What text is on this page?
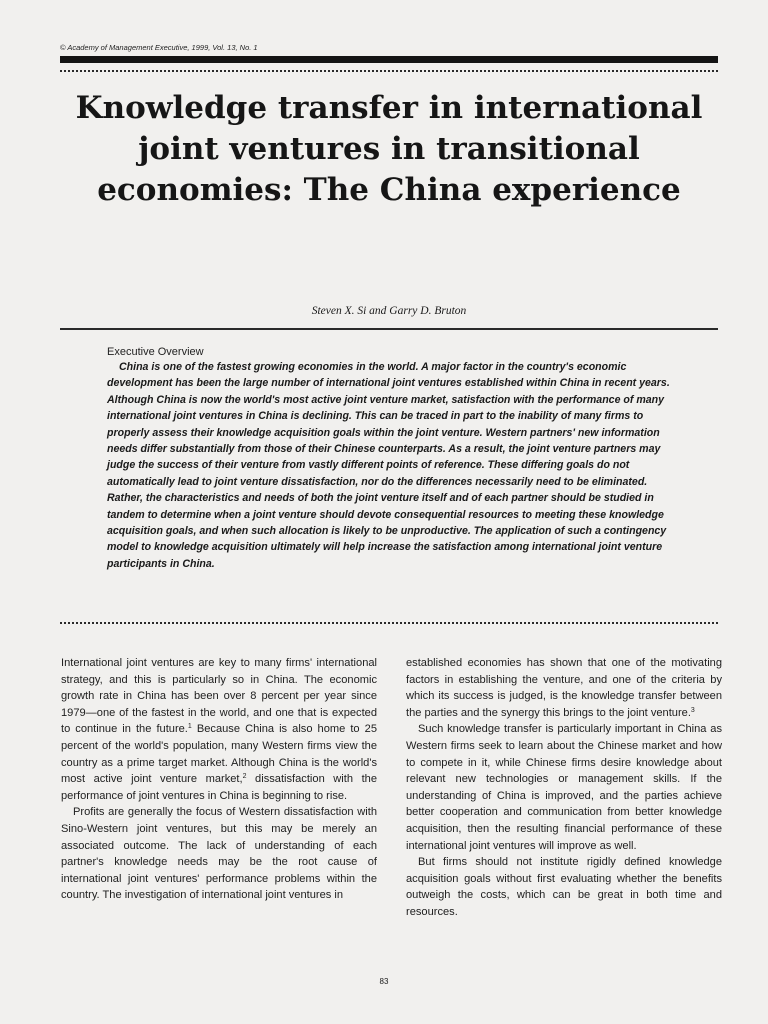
© Academy of Management Executive, 1999, Vol. 13, No. 1
Knowledge transfer in international joint ventures in transitional economies: The China experience
Steven X. Si and Garry D. Bruton
Executive Overview

China is one of the fastest growing economies in the world. A major factor in the country's economic development has been the large number of international joint ventures established within China in recent years. Although China is now the world's most active joint venture market, satisfaction with the performance of many international joint ventures in China is declining. This can be traced in part to the inability of many firms to properly assess their knowledge acquisition goals within the joint venture. Western partners' new information needs differ substantially from those of their Chinese counterparts. As a result, the joint venture partners may judge the success of their venture from vastly different points of reference. These differing goals do not automatically lead to joint venture dissatisfaction, nor do the differences necessarily need to be eliminated. Rather, the characteristics and needs of both the joint venture itself and of each partner should be studied in tandem to determine when a joint venture should devote consequential resources to meeting these knowledge acquisition goals, and when such allocation is likely to be unproductive. The application of such a contingency model to knowledge acquisition ultimately will help increase the satisfaction among international joint venture participants in China.

International joint ventures are key to many firms' international strategy, and this is particularly so in China. The economic growth rate in China has been over 8 percent per year since 1979—one of the fastest in the world, and one that is expected to continue in the future.$^1$ Because China is also home to 25 percent of the world's population, many Western firms view the country as a prime target market. Although China is the world's most active joint venture market,$^2$ dissatisfaction with the performance of joint ventures in China is beginning to rise.

Profits are generally the focus of Western dissatisfaction with Sino-Western joint ventures, but this may be merely an associated outcome. The lack of understanding of each partner's knowledge needs may be the root cause of international joint ventures' performance problems within the country. The investigation of international joint ventures in

established economies has shown that one of the motivating factors in establishing the venture, and one of the criteria by which its success is judged, is the knowledge transfer between the parties and the synergy this brings to the joint venture.$^3$

Such knowledge transfer is particularly important in China as Western firms seek to learn about the Chinese market and how to compete in it, while Chinese firms desire knowledge about relevant new technologies or management skills. If the understanding of China is improved, and the parties achieve better cooperation and communication from better knowledge acquisition, then the resulting financial performance of these international joint ventures will improve as well.

But firms should not institute rigidly defined knowledge acquisition goals without first evaluating whether the benefits outweigh the costs, which can be great in both time and resources.

83
